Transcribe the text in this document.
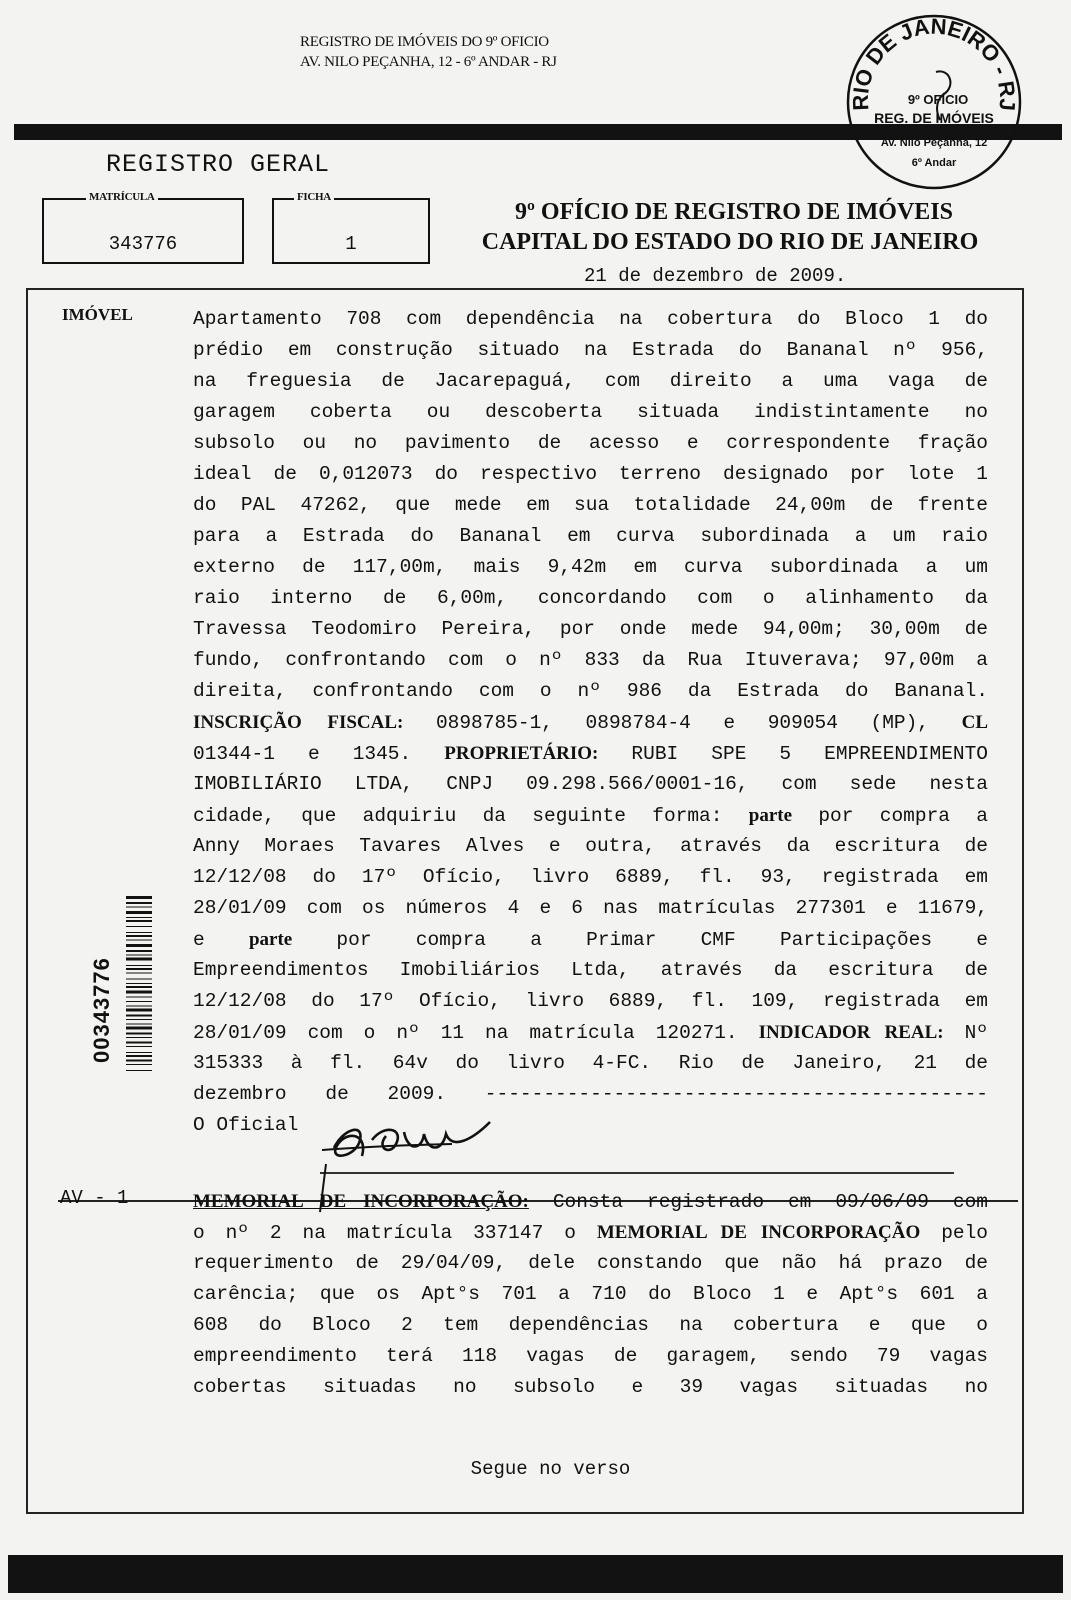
REGISTRO DE IMÓVEIS DO 9º OFICIO
AV. NILO PEÇANHA, 12 - 6º ANDAR - RJ
RIO DE JANEIRO - RJ
9º OFÍCIO
REG. DE IMÓVEIS
Av. Nilo Peçanha, 12
6º Andar
REGISTRO GERAL
MATRÍCULA
343776
FICHA
1
9º OFÍCIO DE REGISTRO DE IMÓVEIS
CAPITAL DO ESTADO DO RIO DE JANEIRO
21 de dezembro de 2009.
IMÓVEL	Apartamento 708 com dependência na cobertura do Bloco 1 do
prédio em construção situado na Estrada do Bananal nº 956,
na freguesia de Jacarepaguá, com direito a uma vaga de
garagem coberta ou descoberta situada indistintamente no
subsolo ou no pavimento de acesso e correspondente fração
ideal de 0,012073 do respectivo terreno designado por lote 1
do PAL 47262, que mede em sua totalidade 24,00m de frente
para a Estrada do Bananal em curva subordinada a um raio
externo de 117,00m, mais 9,42m em curva subordinada a um
raio interno de 6,00m, concordando com o alinhamento da
Travessa Teodomiro Pereira, por onde mede 94,00m; 30,00m de
fundo, confrontando com o nº 833 da Rua Ituverava; 97,00m a
direita, confrontando com o nº 986 da Estrada do Bananal.
INSCRIÇÃO FISCAL: 0898785-1, 0898784-4 e 909054 (MP), CL
01344-1 e 1345. PROPRIETÁRIO: RUBI SPE 5 EMPREENDIMENTO
IMOBILIÁRIO LTDA, CNPJ 09.298.566/0001-16, com sede nesta
cidade, que adquiriu da seguinte forma: parte por compra a
Anny Moraes Tavares Alves e outra, através da escritura de
12/12/08 do 17º Ofício, livro 6889, fl. 93, registrada em
28/01/09 com os números 4 e 6 nas matrículas 277301 e 11679,
e parte por compra a Primar CMF Participações e
Empreendimentos Imobiliários Ltda, através da escritura de
12/12/08 do 17º Ofício, livro 6889, fl. 109, registrada em
28/01/09 com o nº 11 na matrícula 120271. INDICADOR REAL: Nº
315333 à fl. 64v do livro 4-FC. Rio de Janeiro, 21 de
dezembro de 2009. -------------------------------------------
O Oficial
00343776
AV - 1	MEMORIAL DE INCORPORAÇÃO: Consta registrado em 09/06/09 com
o nº 2 na matrícula 337147 o MEMORIAL DE INCORPORAÇÃO pelo
requerimento de 29/04/09, dele constando que não há prazo de
carência; que os Apt°s 701 a 710 do Bloco 1 e Apt°s 601 a
608 do Bloco 2 tem dependências na cobertura e que o
empreendimento terá 118 vagas de garagem, sendo 79 vagas
cobertas situadas no subsolo e 39 vagas situadas no
Segue no verso
